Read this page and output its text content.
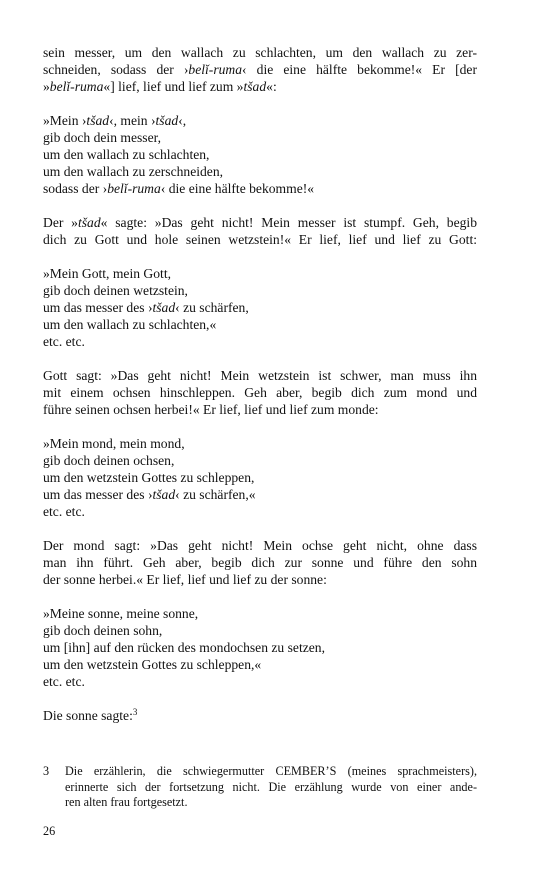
sein messer, um den wallach zu schlachten, um den wallach zu zer-
schneiden, sodass der ›belǐ-ruma‹ die eine hälfte bekomme!« Er [der
»belǐ-ruma«] lief, lief und lief zum »tšad«:
»Mein ›tšad‹, mein ›tšad‹,
gib doch dein messer,
um den wallach zu schlachten,
um den wallach zu zerschneiden,
sodass der ›belǐ-ruma‹ die eine hälfte bekomme!«
Der »tšad« sagte: »Das geht nicht! Mein messer ist stumpf. Geh, begib
dich zu Gott und hole seinen wetzstein!« Er lief, lief und lief zu Gott:
»Mein Gott, mein Gott,
gib doch deinen wetzstein,
um das messer des ›tšad‹ zu schärfen,
um den wallach zu schlachten,«
etc. etc.
Gott sagt: »Das geht nicht! Mein wetzstein ist schwer, man muss ihn
mit einem ochsen hinschleppen. Geh aber, begib dich zum mond und
führe seinen ochsen herbei!« Er lief, lief und lief zum monde:
»Mein mond, mein mond,
gib doch deinen ochsen,
um den wetzstein Gottes zu schleppen,
um das messer des ›tšad‹ zu schärfen,«
etc. etc.
Der mond sagt: »Das geht nicht! Mein ochse geht nicht, ohne dass
man ihn führt. Geh aber, begib dich zur sonne und führe den sohn
der sonne herbei.« Er lief, lief und lief zu der sonne:
»Meine sonne, meine sonne,
gib doch deinen sohn,
um [ihn] auf den rücken des mondochsen zu setzen,
um den wetzstein Gottes zu schleppen,«
etc. etc.
Die sonne sagte:$^3$
3 Die erzählerin, die schwiegermutter CEMBER’S (meines sprachmeisters),
erinnerte sich der fortsetzung nicht. Die erzählung wurde von einer ande-
ren alten frau fortgesetzt.
26
